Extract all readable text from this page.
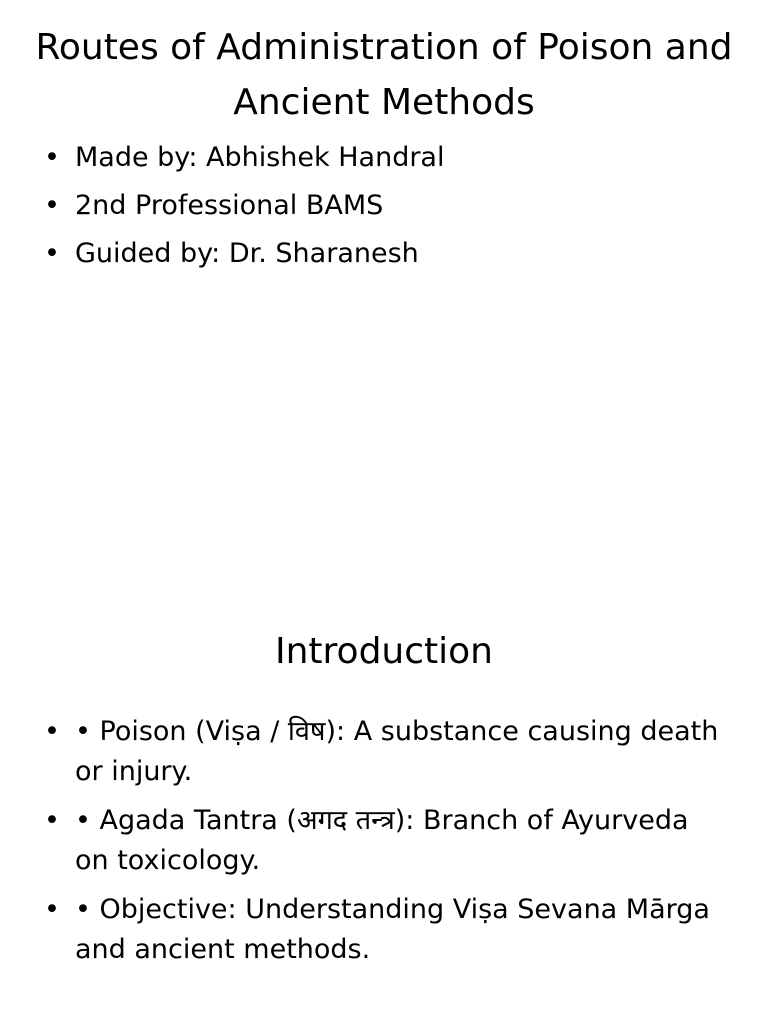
Routes of Administration of Poison and Ancient Methods
• Made by: Abhishek Handral
• 2nd Professional BAMS
• Guided by: Dr. Sharanesh
Introduction
• • Poison (Viṣa / विष): A substance causing death or injury.
• • Agada Tantra (अगद तन्त्र): Branch of Ayurveda on toxicology.
• • Objective: Understanding Viṣa Sevana Mārga and ancient methods.
